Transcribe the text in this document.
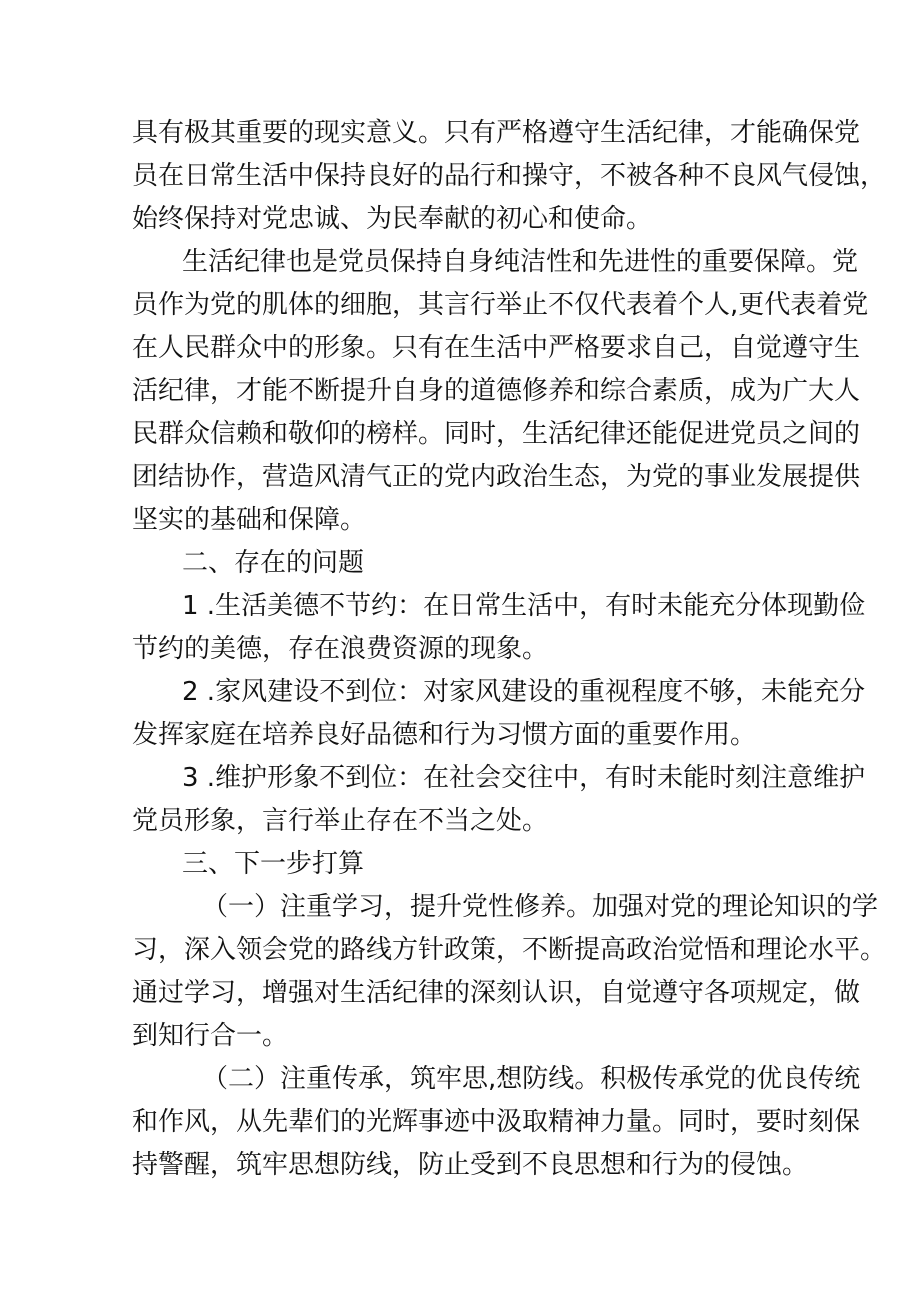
具有极其重要的现实意义。只有严格遵守生活纪律，才能确保党
员在日常生活中保持良好的品行和操守，不被各种不良风气侵蚀，
始终保持对党忠诚、为民奉献的初心和使命。
生活纪律也是党员保持自身纯洁性和先进性的重要保障。党
员作为党的肌体的细胞，其言行举止不仅代表着个人,更代表着党
在人民群众中的形象。只有在生活中严格要求自己，自觉遵守生
活纪律，才能不断提升自身的道德修养和综合素质，成为广大人
民群众信赖和敬仰的榜样。同时，生活纪律还能促进党员之间的
团结协作，营造风清气正的党内政治生态，为党的事业发展提供
坚实的基础和保障。
二、存在的问题
1 .生活美德不节约：在日常生活中，有时未能充分体现勤俭
节约的美德，存在浪费资源的现象。
2 .家风建设不到位：对家风建设的重视程度不够，未能充分
发挥家庭在培养良好品德和行为习惯方面的重要作用。
3 .维护形象不到位：在社会交往中，有时未能时刻注意维护
党员形象，言行举止存在不当之处。
三、下一步打算
（一）注重学习，提升党性修养。加强对党的理论知识的学
习，深入领会党的路线方针政策，不断提高政治觉悟和理论水平。
通过学习，增强对生活纪律的深刻认识，自觉遵守各项规定，做
到知行合一。
（二）注重传承，筑牢思,想防线。积极传承党的优良传统
和作风，从先辈们的光辉事迹中汲取精神力量。同时，要时刻保
持警醒，筑牢思想防线，防止受到不良思想和行为的侵蚀。
